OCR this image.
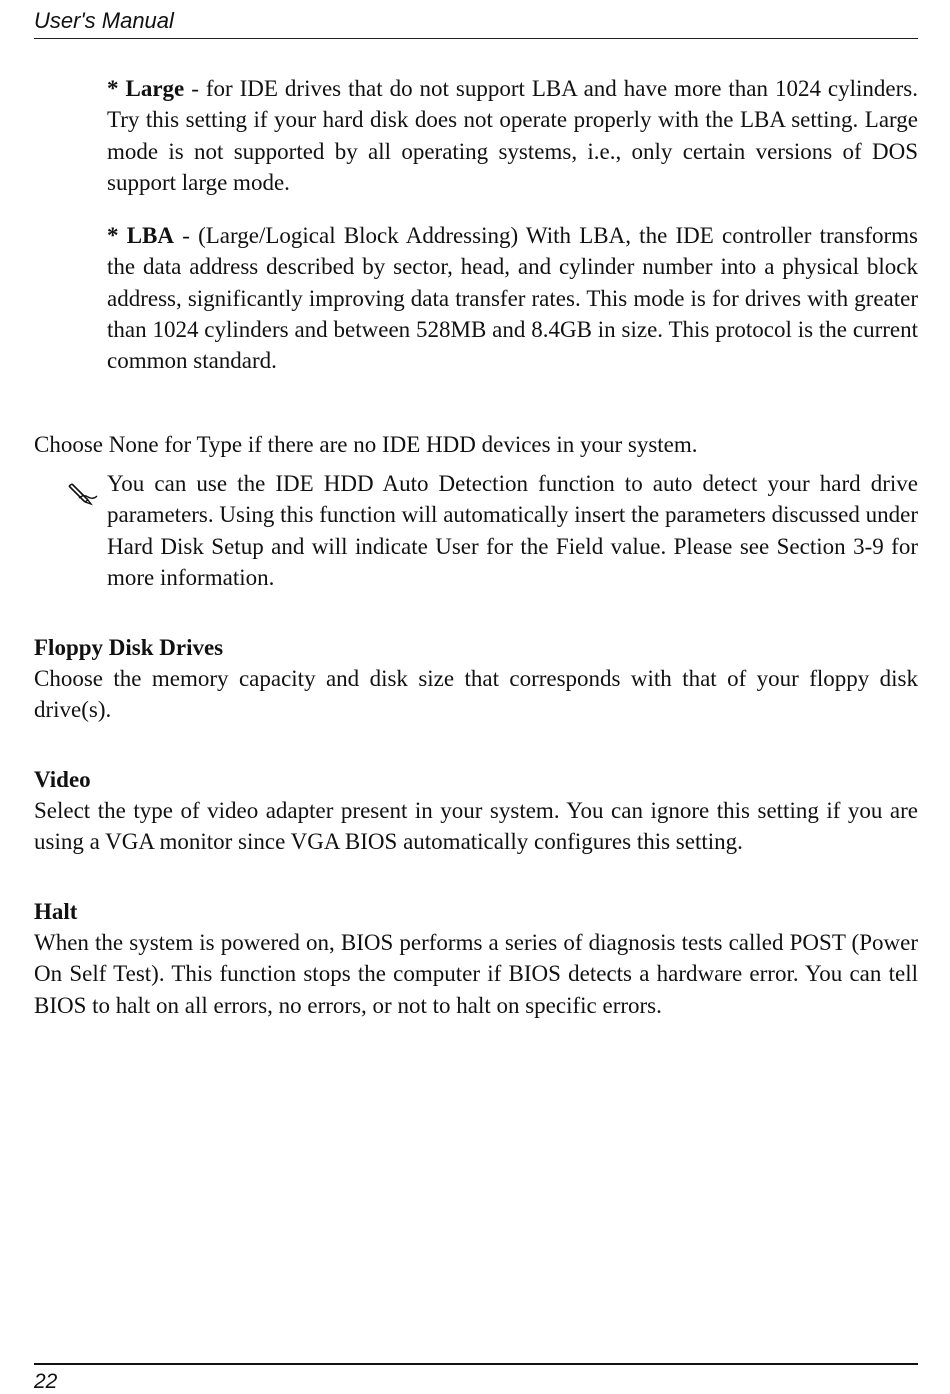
User's Manual

* Large - for IDE drives that do not support LBA and have more than 1024 cylinders. Try this setting if your hard disk does not operate properly with the LBA setting. Large mode is not supported by all operating systems, i.e., only certain versions of DOS support large mode.

* LBA - (Large/Logical Block Addressing) With LBA, the IDE controller transforms the data address described by sector, head, and cylinder number into a physical block address, significantly improving data transfer rates. This mode is for drives with greater than 1024 cylinders and between 528MB and 8.4GB in size. This protocol is the current common standard.

Choose None for Type if there are no IDE HDD devices in your system.

You can use the IDE HDD Auto Detection function to auto detect your hard drive parameters. Using this function will automatically insert the parameters discussed under Hard Disk Setup and will indicate User for the Field value. Please see Section 3-9 for more information.

Floppy Disk Drives

Choose the memory capacity and disk size that corresponds with that of your floppy disk drive(s).

Video

Select the type of video adapter present in your system. You can ignore this setting if you are using a VGA monitor since VGA BIOS automatically configures this setting.

Halt

When the system is powered on, BIOS performs a series of diagnosis tests called POST (Power On Self Test). This function stops the computer if BIOS detects a hardware error. You can tell BIOS to halt on all errors, no errors, or not to halt on specific errors.

22
